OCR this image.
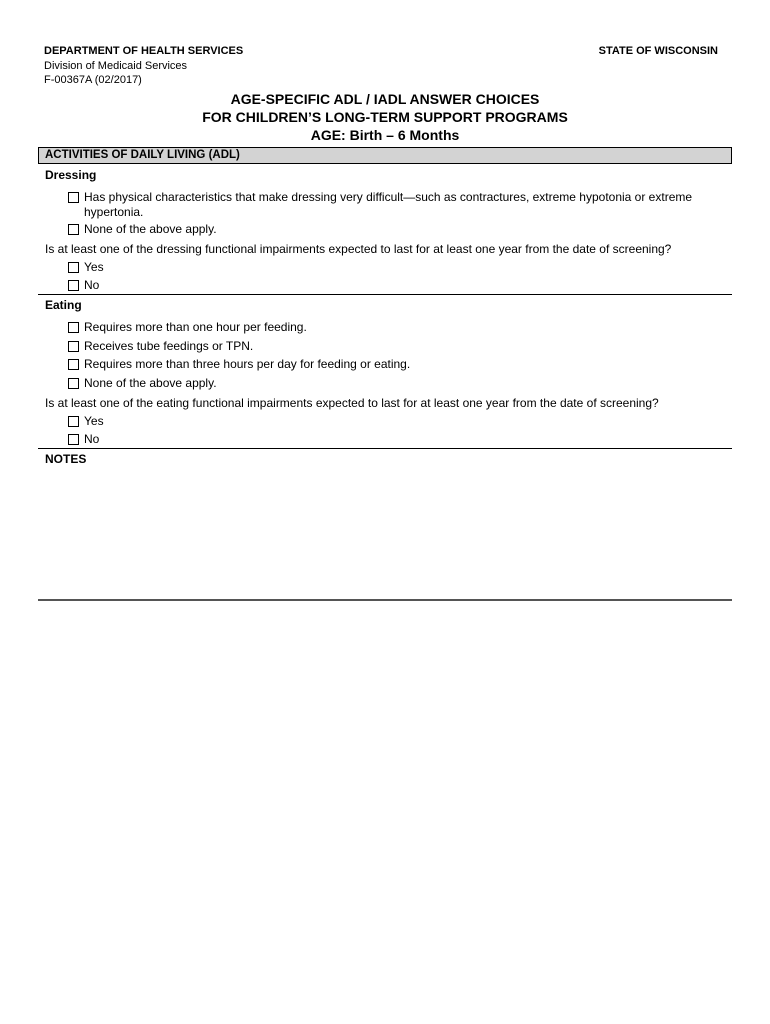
DEPARTMENT OF HEALTH SERVICES
Division of Medicaid Services
F-00367A (02/2017)
STATE OF WISCONSIN
AGE-SPECIFIC ADL / IADL ANSWER CHOICES
FOR CHILDREN’S LONG-TERM SUPPORT PROGRAMS
AGE: Birth – 6 Months
ACTIVITIES OF DAILY LIVING (ADL)
Dressing
Has physical characteristics that make dressing very difficult—such as contractures, extreme hypotonia or extreme hypertonia.
None of the above apply.
Is at least one of the dressing functional impairments expected to last for at least one year from the date of screening?
Yes
No
Eating
Requires more than one hour per feeding.
Receives tube feedings or TPN.
Requires more than three hours per day for feeding or eating.
None of the above apply.
Is at least one of the eating functional impairments expected to last for at least one year from the date of screening?
Yes
No
NOTES
